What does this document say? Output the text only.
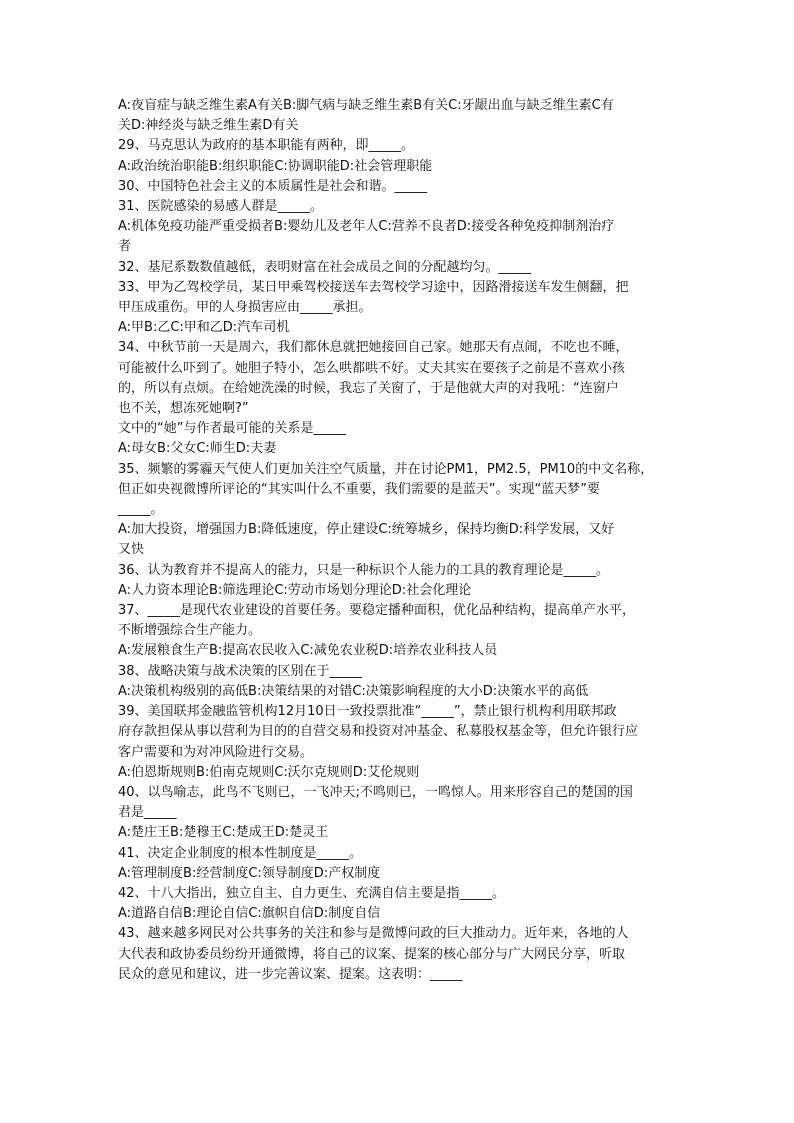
A:夜盲症与缺乏维生素A有关B:脚气病与缺乏维生素B有关C:牙龈出血与缺乏维生素C有

关D:神经炎与缺乏维生素D有关

29、马克思认为政府的基本职能有两种，即_____。

A:政治统治职能B:组织职能C:协调职能D:社会管理职能

30、中国特色社会主义的本质属性是社会和谐。_____

31、医院感染的易感人群是_____。

A:机体免疫功能严重受损者B:婴幼儿及老年人C:营养不良者D:接受各种免疫抑制剂治疗

者

32、基尼系数数值越低，表明财富在社会成员之间的分配越均匀。_____

33、甲为乙驾校学员，某日甲乘驾校接送车去驾校学习途中，因路滑接送车发生侧翻，把

甲压成重伤。甲的人身损害应由_____承担。

A:甲B:乙C:甲和乙D:汽车司机

34、中秋节前一天是周六，我们都休息就把她接回自己家。她那天有点闹，不吃也不睡，

可能被什么吓到了。她胆子特小，怎么哄都哄不好。丈夫其实在要孩子之前是不喜欢小孩

的，所以有点烦。在给她洗澡的时候，我忘了关窗了，于是他就大声的对我吼：“连窗户

也不关，想冻死她啊?”

文中的“她”与作者最可能的关系是_____

A:母女B:父女C:师生D:夫妻

35、频繁的雾霾天气使人们更加关注空气质量，并在讨论PM1，PM2.5，PM10的中文名称，

但正如央视微博所评论的“其实叫什么不重要，我们需要的是蓝天”。实现“蓝天梦”要

_____。

A:加大投资，增强国力B:降低速度，停止建设C:统筹城乡，保持均衡D:科学发展，又好

又快

36、认为教育并不提高人的能力，只是一种标识个人能力的工具的教育理论是_____。

A:人力资本理论B:筛选理论C:劳动市场划分理论D:社会化理论

37、_____是现代农业建设的首要任务。要稳定播种面积，优化品种结构，提高单产水平，

不断增强综合生产能力。

A:发展粮食生产B:提高农民收入C:减免农业税D:培养农业科技人员

38、战略决策与战术决策的区别在于_____

A:决策机构级别的高低B:决策结果的对错C:决策影响程度的大小D:决策水平的高低

39、美国联邦金融监管机构12月10日一致投票批准“_____”，禁止银行机构利用联邦政

府存款担保从事以营利为目的的自营交易和投资对冲基金、私募股权基金等，但允许银行应

客户需要和为对冲风险进行交易。

A:伯恩斯规则B:伯南克规则C:沃尔克规则D:艾伦规则

40、以鸟喻志，此鸟不飞则已，一飞冲天;不鸣则已，一鸣惊人。用来形容自己的楚国的国

君是_____

A:楚庄王B:楚穆王C:楚成王D:楚灵王

41、决定企业制度的根本性制度是_____。

A:管理制度B:经营制度C:领导制度D:产权制度

42、十八大指出，独立自主、自力更生、充满自信主要是指_____。

A:道路自信B:理论自信C:旗帜自信D:制度自信

43、越来越多网民对公共事务的关注和参与是微博问政的巨大推动力。近年来，各地的人

大代表和政协委员纷纷开通微博，将自己的议案、提案的核心部分与广大网民分享，听取

民众的意见和建议，进一步完善议案、提案。这表明：_____
